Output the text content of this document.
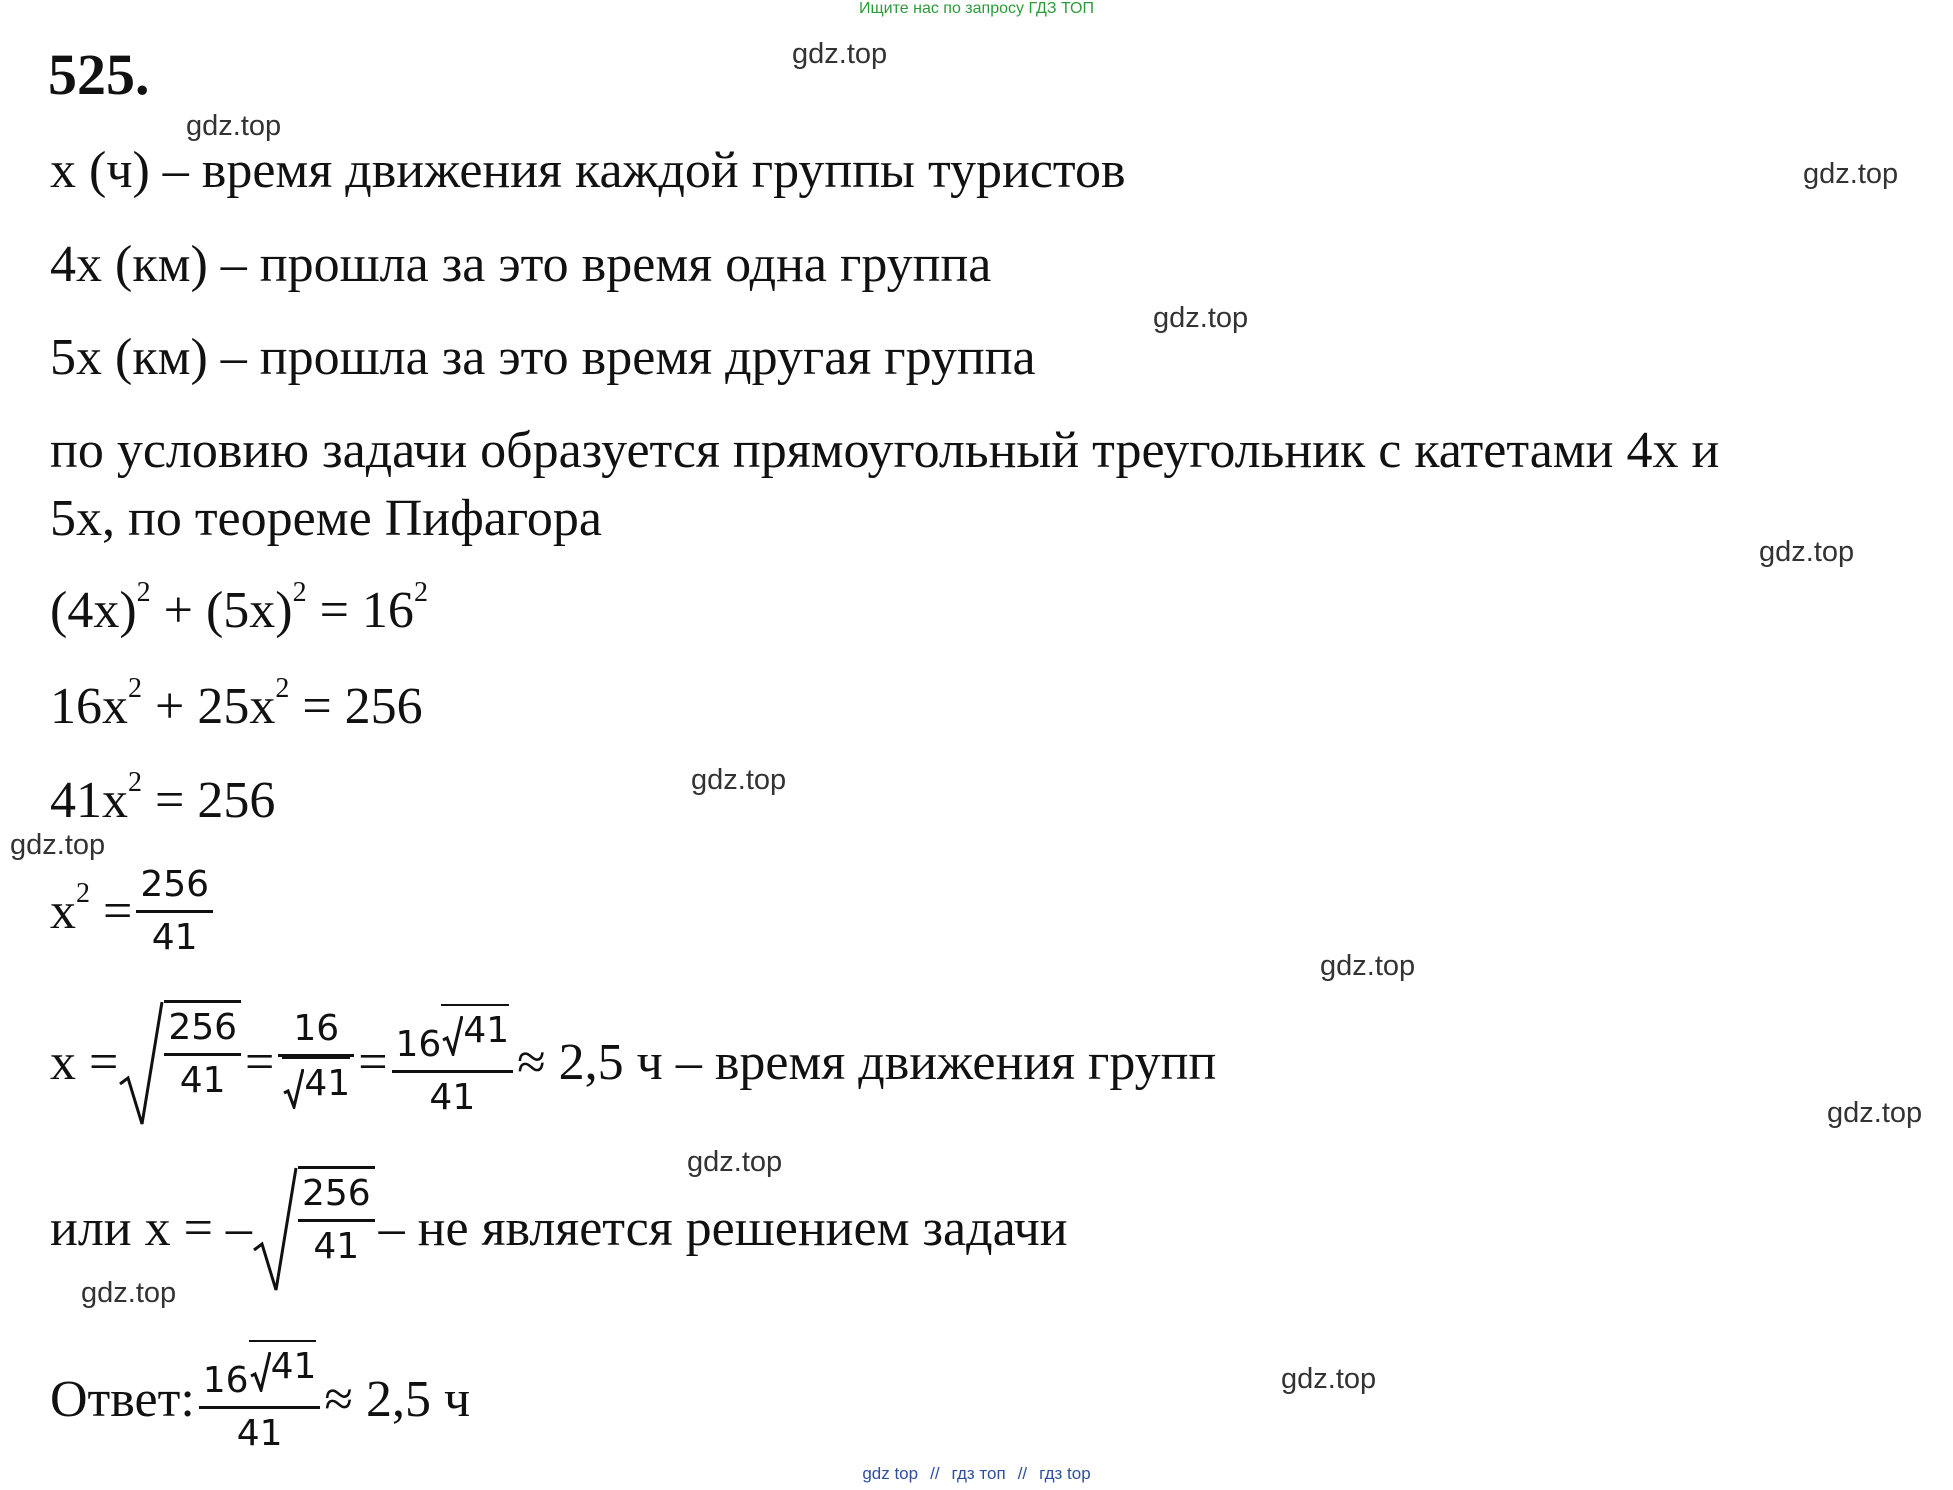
Ищите нас по запросу ГДЗ ТОП
525.	gdz.top
gdz.top
gdz.top
gdz.top
gdz.top
gdz.top
gdz.top
gdz.top
gdz.top
gdz.top
gdz.top
gdz.top
x (ч) – время движения каждой группы туристов
4x (км) – прошла за это время одна группа
5x (км) – прошла за это время другая группа
по условию задачи образуется прямоугольный треугольник с катетами 4x и
5x, по теореме Пифагора
$(4x)^2 + (5x)^2 = 16^2$
$16x^2 + 25x^2 = 256$
$41x^2 = 256$
$x^2 = \frac{256}{41}$
$x = \frac{256}{41} = \frac{16}{41} = \frac{16 41}{41} \approx 2,5$ ч – время движения групп
или x = – $\frac{256}{41}$ – не является решением задачи
Ответ: $\frac{16 41}{41} \approx 2,5$ ч
gdz top // гдз топ // гдз top
